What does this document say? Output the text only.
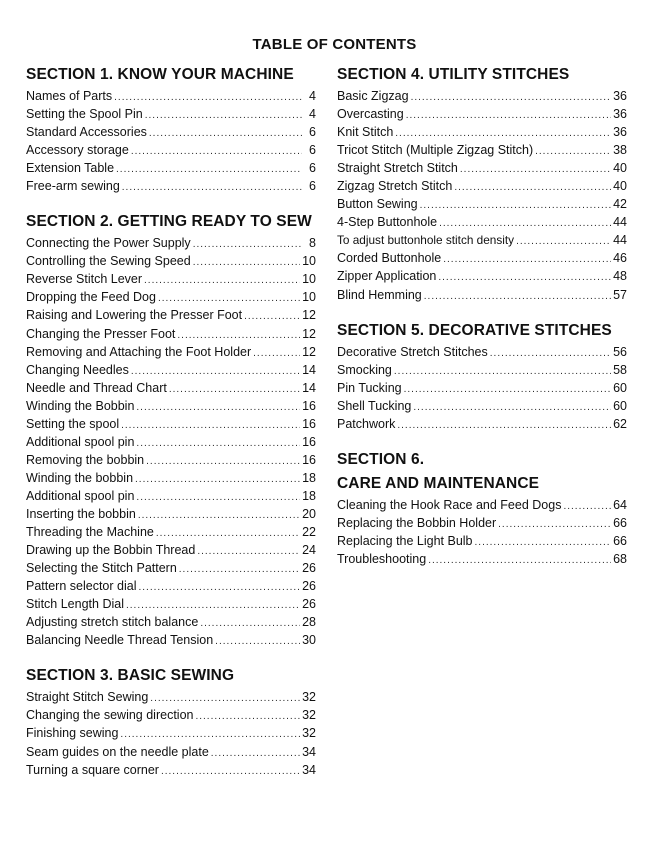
TABLE OF CONTENTS
SECTION 1. KNOW YOUR MACHINE
Names of Parts .....	4
Setting the Spool Pin .....	4
Standard Accessories .....	6
Accessory storage .....	6
Extension Table .....	6
Free-arm sewing .....	6
SECTION 2. GETTING READY TO SEW
Connecting the Power Supply .....	8
Controlling the Sewing Speed .....	10
Reverse Stitch Lever .....	10
Dropping the Feed Dog .....	10
Raising and Lowering the Presser Foot .....	12
Changing the Presser Foot .....	12
Removing and Attaching the Foot Holder .....	12
Changing Needles .....	14
Needle and Thread Chart .....	14
Winding the Bobbin .....	16
Setting the spool .....	16
Additional spool pin .....	16
Removing the bobbin .....	16
Winding the bobbin .....	18
Additional spool pin .....	18
Inserting the bobbin .....	20
Threading the Machine .....	22
Drawing up the Bobbin Thread .....	24
Selecting the Stitch Pattern .....	26
Pattern selector dial .....	26
Stitch Length Dial .....	26
Adjusting stretch stitch balance .....	28
Balancing Needle Thread Tension .....	30
SECTION 3. BASIC SEWING
Straight Stitch Sewing .....	32
Changing the sewing direction .....	32
Finishing sewing .....	32
Seam guides on the needle plate .....	34
Turning a square corner .....	34
SECTION 4. UTILITY STITCHES
Basic Zigzag .....	36
Overcasting .....	36
Knit Stitch .....	36
Tricot Stitch (Multiple Zigzag Stitch) .....	38
Straight Stretch Stitch .....	40
Zigzag Stretch Stitch .....	40
Button Sewing .....	42
4-Step Buttonhole .....	44
To adjust buttonhole stitch density .....	44
Corded Buttonhole .....	46
Zipper Application .....	48
Blind Hemming .....	57
SECTION 5. DECORATIVE STITCHES
Decorative Stretch Stitches .....	56
Smocking .....	58
Pin Tucking .....	60
Shell Tucking .....	60
Patchwork .....	62
SECTION 6.
CARE AND MAINTENANCE
Cleaning the Hook Race and Feed Dogs .....	64
Replacing the Bobbin Holder .....	66
Replacing the Light Bulb .....	66
Troubleshooting .....	68
